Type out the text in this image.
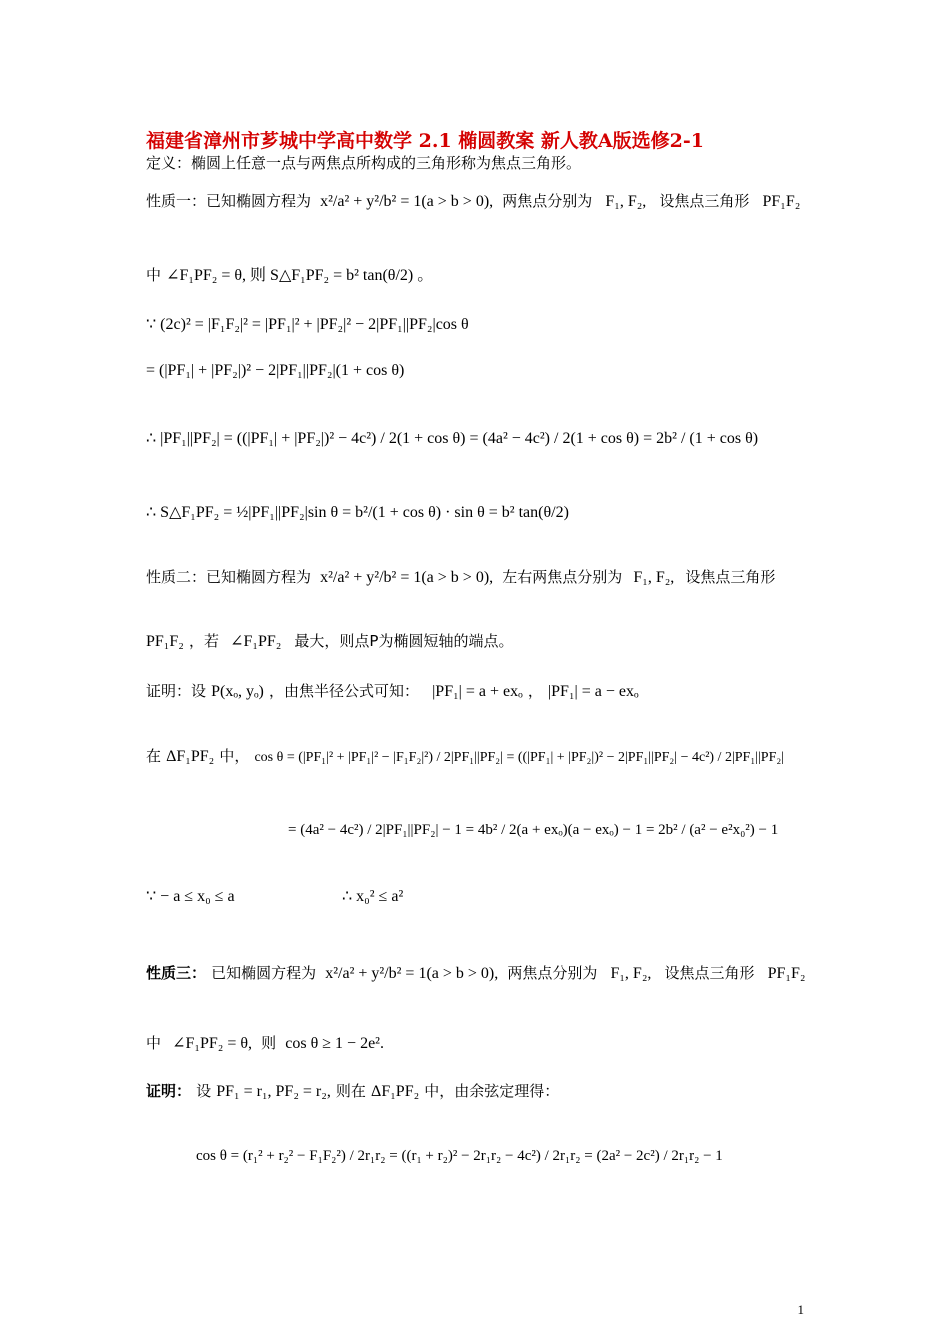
福建省漳州市芗城中学高中数学 2.1 椭圆教案 新人教A版选修2-1
定义：椭圆上任意一点与两焦点所构成的三角形称为焦点三角形。
性质一：已知椭圆方程为 x²/a² + y²/b² = 1(a > b > 0), 两焦点分别为 F₁, F₂, 设焦点三角形 PF₁F₂
中 ∠F₁PF₂ = θ, 则 S△F₁PF₂ = b² tan(θ/2) 。
∵ (2c)² = |F₁F₂|² = |PF₁|² + |PF₂|² − 2|PF₁||PF₂|cos θ
= (|PF₁| + |PF₂|)² − 2|PF₁||PF₂|(1 + cos θ)
∴ |PF₁||PF₂| = ((|PF₁| + |PF₂|)² − 4c²) / 2(1 + cos θ) = (4a² − 4c²) / 2(1 + cos θ) = 2b² / (1 + cos θ)
∴ S△F₁PF₂ = ½|PF₁||PF₂|sin θ = b²/(1 + cos θ) · sin θ = b² tan(θ/2)
性质二：已知椭圆方程为 x²/a² + y²/b² = 1(a > b > 0), 左右两焦点分别为 F₁, F₂, 设焦点三角形
PF₁F₂ ，若 ∠F₁PF₂ 最大，则点P为椭圆短轴的端点。
证明：设 P(xₒ, yₒ) ，由焦半径公式可知： |PF₁| = a + exₒ ， |PF₁| = a − exₒ
在 ΔF₁PF₂ 中， cos θ = (|PF₁|² + |PF₁|² − |F₁F₂|²) / 2|PF₁||PF₂| = ((|PF₁| + |PF₂|)² − 2|PF₁||PF₂| − 4c²) / 2|PF₁||PF₂|
= (4a² − 4c²) / 2|PF₁||PF₂| − 1 = 4b² / 2(a + exₒ)(a − exₒ) − 1 = 2b² / (a² − e²x₀²) − 1
∵ − a ≤ x₀ ≤ a	∴ x₀² ≤ a²
性质三： 已知椭圆方程为 x²/a² + y²/b² = 1(a > b > 0), 两焦点分别为 F₁, F₂, 设焦点三角形 PF₁F₂
中 ∠F₁PF₂ = θ, 则 cos θ ≥ 1 − 2e².
证明： 设 PF₁ = r₁, PF₂ = r₂, 则在 ΔF₁PF₂ 中，由余弦定理得：
cos θ = (r₁² + r₂² − F₁F₂²) / 2r₁r₂ = ((r₁ + r₂)² − 2r₁r₂ − 4c²) / 2r₁r₂ = (2a² − 2c²) / 2r₁r₂ − 1
1
